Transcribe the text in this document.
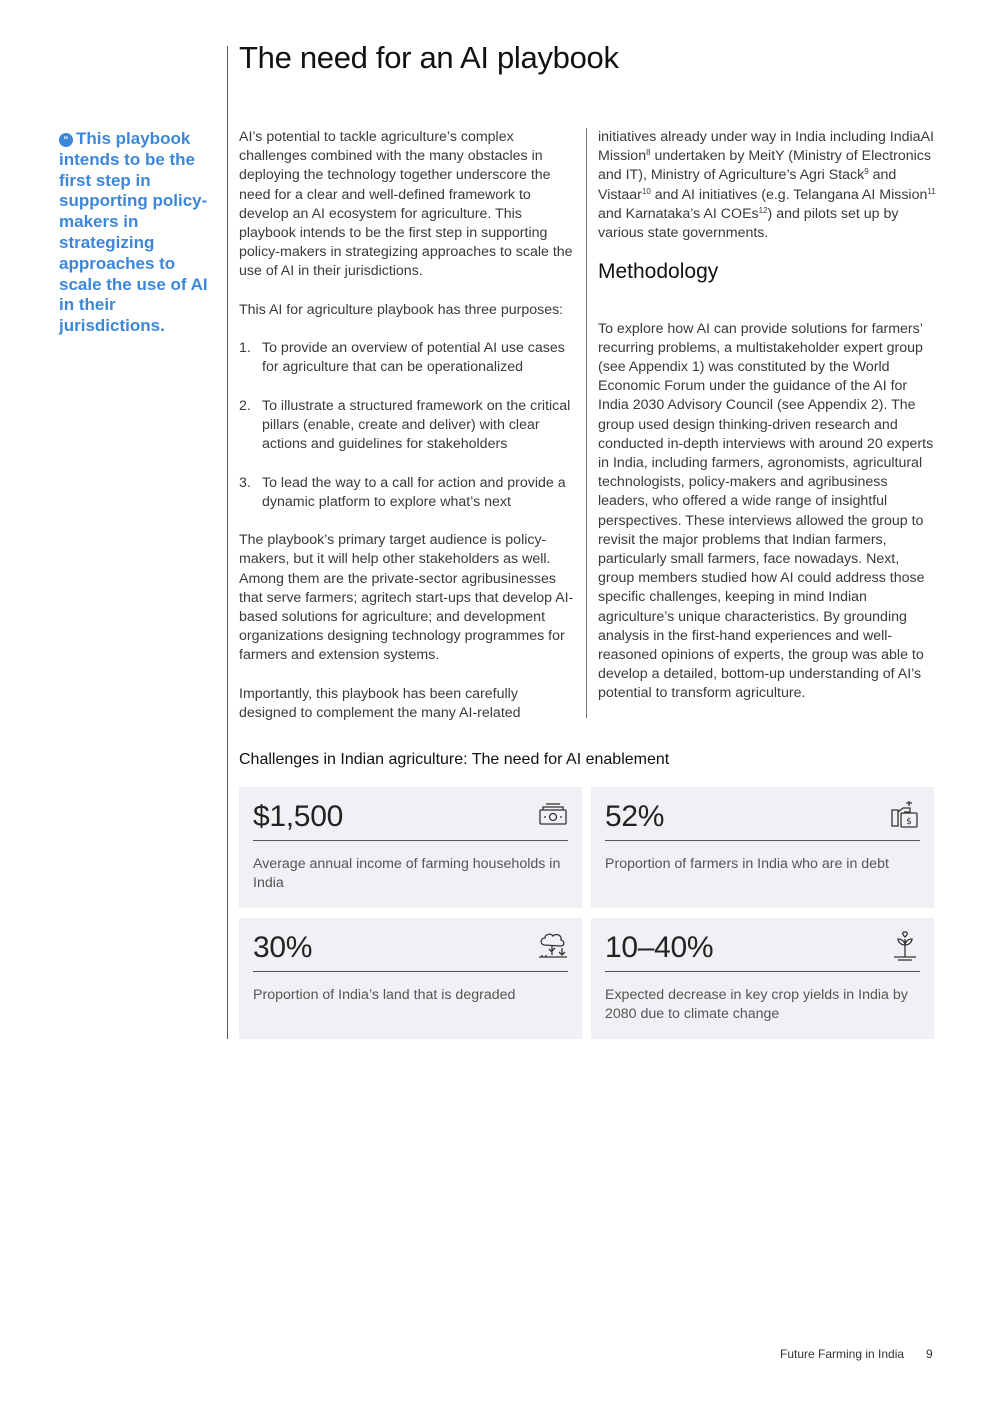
The need for an AI playbook
“ This playbook intends to be the first step in supporting policy-makers in strategizing approaches to scale the use of AI in their jurisdictions.

AI’s potential to tackle agriculture’s complex challenges combined with the many obstacles in deploying the technology together underscore the need for a clear and well-defined framework to develop an AI ecosystem for agriculture. This playbook intends to be the first step in supporting policy-makers in strategizing approaches to scale the use of AI in their jurisdictions.

This AI for agriculture playbook has three purposes:

1. To provide an overview of potential AI use cases for agriculture that can be operationalized
2. To illustrate a structured framework on the critical pillars (enable, create and deliver) with clear actions and guidelines for stakeholders
3. To lead the way to a call for action and provide a dynamic platform to explore what’s next

The playbook’s primary target audience is policy-makers, but it will help other stakeholders as well. Among them are the private-sector agribusinesses that serve farmers; agritech start-ups that develop AI-based solutions for agriculture; and development organizations designing technology programmes for farmers and extension systems.

Importantly, this playbook has been carefully designed to complement the many AI-related

initiatives already under way in India including IndiaAI Mission$^8$ undertaken by MeitY (Ministry of Electronics and IT), Ministry of Agriculture’s Agri Stack$^9$ and Vistaar$^{10}$ and AI initiatives (e.g. Telangana AI Mission$^{11}$ and Karnataka’s AI COEs$^{12}$) and pilots set up by various state governments.

Methodology

To explore how AI can provide solutions for farmers’ recurring problems, a multistakeholder expert group (see Appendix 1) was constituted by the World Economic Forum under the guidance of the AI for India 2030 Advisory Council (see Appendix 2). The group used design thinking-driven research and conducted in-depth interviews with around 20 experts in India, including farmers, agronomists, agricultural technologists, policy-makers and agribusiness leaders, who offered a wide range of insightful perspectives. These interviews allowed the group to revisit the major problems that Indian farmers, particularly small farmers, face nowadays. Next, group members studied how AI could address those specific challenges, keeping in mind Indian agriculture’s unique characteristics. By grounding analysis in the first-hand experiences and well-reasoned opinions of experts, the group was able to develop a detailed, bottom-up understanding of AI’s potential to transform agriculture.

Challenges in Indian agriculture: The need for AI enablement
$1,500
Average annual income of farming households in India
52%	$
Proportion of farmers in India who are in debt
30%
Proportion of India’s land that is degraded
10–40%
Expected decrease in key crop yields in India by 2080 due to climate change
Future Farming in India 9
